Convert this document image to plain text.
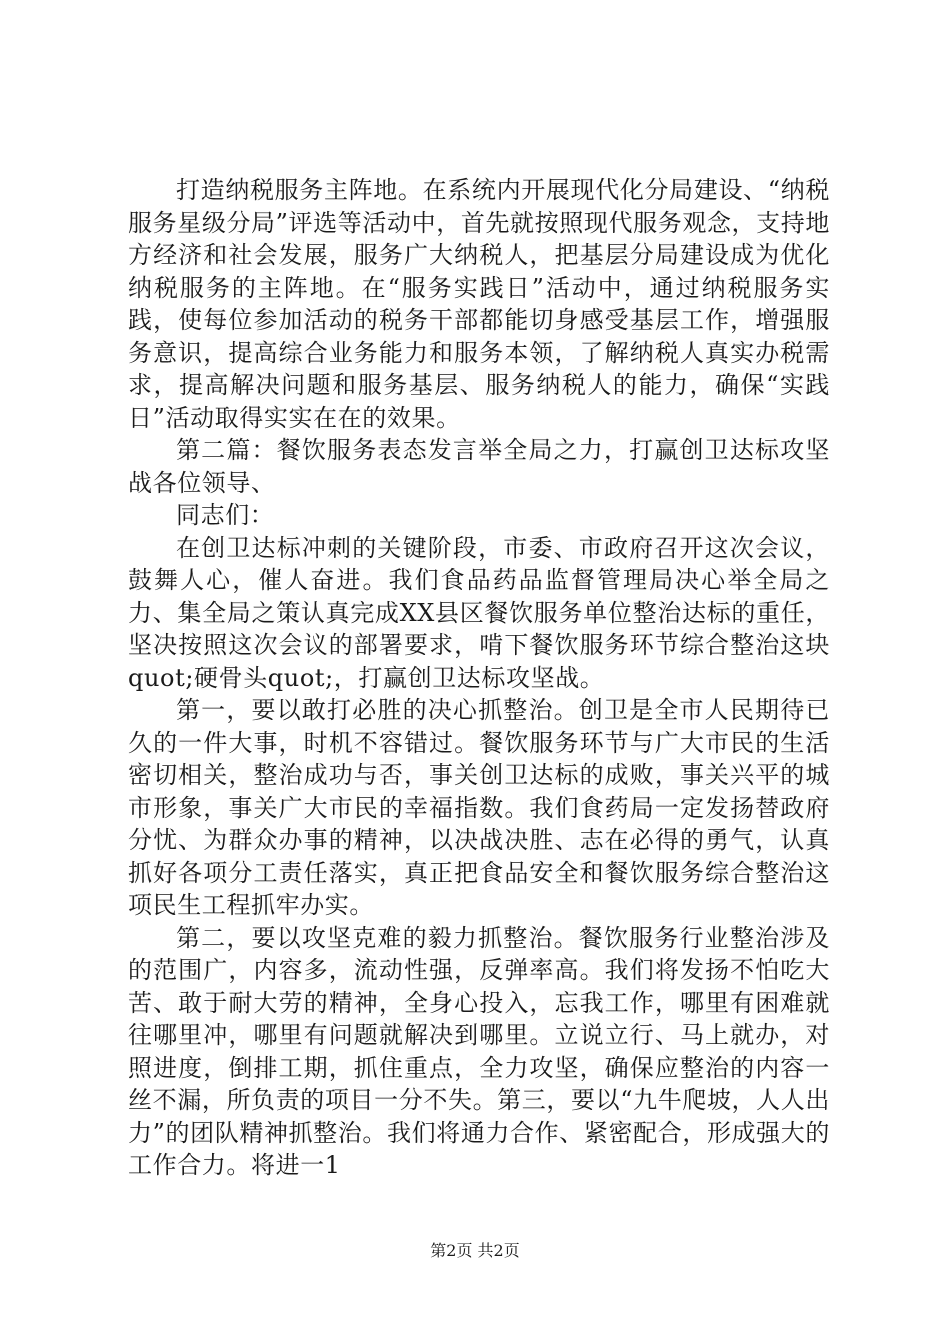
打造纳税服务主阵地。在系统内开展现代化分局建设、“纳税服务星级分局”评选等活动中，首先就按照现代服务观念，支持地方经济和社会发展，服务广大纳税人，把基层分局建设成为优化纳税服务的主阵地。在“服务实践日”活动中，通过纳税服务实践，使每位参加活动的税务干部都能切身感受基层工作，增强服务意识，提高综合业务能力和服务本领，了解纳税人真实办税需求，提高解决问题和服务基层、服务纳税人的能力，确保“实践日”活动取得实实在在的效果。

第二篇：餐饮服务表态发言举全局之力，打赢创卫达标攻坚战各位领导、

同志们：

在创卫达标冲刺的关键阶段，市委、市政府召开这次会议，鼓舞人心，催人奋进。我们食品药品监督管理局决心举全局之力、集全局之策认真完成XX县区餐饮服务单位整治达标的重任，坚决按照这次会议的部署要求，啃下餐饮服务环节综合整治这块quot;硬骨头quot;，打赢创卫达标攻坚战。

第一，要以敢打必胜的决心抓整治。创卫是全市人民期待已久的一件大事，时机不容错过。餐饮服务环节与广大市民的生活密切相关，整治成功与否，事关创卫达标的成败，事关兴平的城市形象，事关广大市民的幸福指数。我们食药局一定发扬替政府分忧、为群众办事的精神，以决战决胜、志在必得的勇气，认真抓好各项分工责任落实，真正把食品安全和餐饮服务综合整治这项民生工程抓牢办实。

第二，要以攻坚克难的毅力抓整治。餐饮服务行业整治涉及的范围广，内容多，流动性强，反弹率高。我们将发扬不怕吃大苦、敢于耐大劳的精神，全身心投入，忘我工作，哪里有困难就往哪里冲，哪里有问题就解决到哪里。立说立行、马上就办，对照进度，倒排工期，抓住重点，全力攻坚，确保应整治的内容一丝不漏，所负责的项目一分不失。第三，要以“九牛爬坡，人人出力”的团队精神抓整治。我们将通力合作、紧密配合，形成强大的工作合力。将进一1

第2页 共2页
